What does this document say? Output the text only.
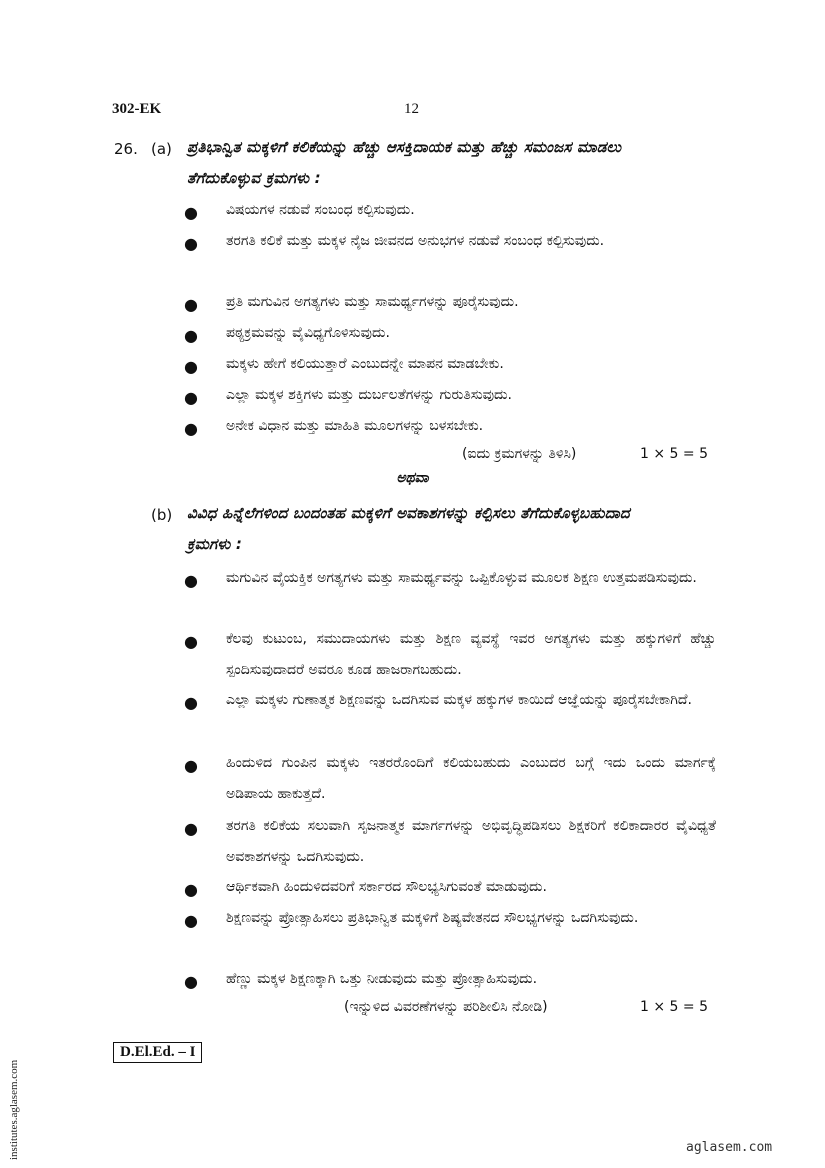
302-EK	12
26. (a) ಪ್ರತಿಭಾನ್ವಿತ ಮಕ್ಕಳಿಗೆ ಕಲಿಕೆಯನ್ನು ಹೆಚ್ಚು ಆಸಕ್ತಿದಾಯಕ ಮತ್ತು ಹೆಚ್ಚು ಸಮಂಜಸ ಮಾಡಲು
ತೆಗೆದುಕೊಳ್ಳುವ ಕ್ರಮಗಳು :
● ವಿಷಯಗಳ ನಡುವೆ ಸಂಬಂಧ ಕಲ್ಪಿಸುವುದು.
● ತರಗತಿ ಕಲಿಕೆ ಮತ್ತು ಮಕ್ಕಳ ನೈಜ ಜೀವನದ ಅನುಭಗಳ ನಡುವೆ ಸಂಬಂಧ ಕಲ್ಪಿಸುವುದು.
● ಪ್ರತಿ ಮಗುವಿನ ಅಗತ್ಯಗಳು ಮತ್ತು ಸಾಮರ್ಥ್ಯಗಳನ್ನು ಪೂರೈಸುವುದು.
● ಪಠ್ಯಕ್ರಮವನ್ನು ವೈವಿಧ್ಯಗೊಳಿಸುವುದು.
● ಮಕ್ಕಳು ಹೇಗೆ ಕಲಿಯುತ್ತಾರೆ ಎಂಬುದನ್ನೇ ಮಾಪನ ಮಾಡಬೇಕು.
● ಎಲ್ಲಾ ಮಕ್ಕಳ ಶಕ್ತಿಗಳು ಮತ್ತು ದುರ್ಬಲತೆಗಳನ್ನು ಗುರುತಿಸುವುದು.
● ಅನೇಕ ವಿಧಾನ ಮತ್ತು ಮಾಹಿತಿ ಮೂಲಗಳನ್ನು ಬಳಸಬೇಕು.
(ಐದು ಕ್ರಮಗಳನ್ನು ತಿಳಿಸಿ)	1 × 5 = 5
ಅಥವಾ
(b) ವಿವಿಧ ಹಿನ್ನೆಲೆಗಳಿಂದ ಬಂದಂತಹ ಮಕ್ಕಳಿಗೆ ಅವಕಾಶಗಳನ್ನು ಕಲ್ಪಿಸಲು ತೆಗೆದುಕೊಳ್ಳಬಹುದಾದ
ಕ್ರಮಗಳು :
● ಮಗುವಿನ ವೈಯಕ್ತಿಕ ಅಗತ್ಯಗಳು ಮತ್ತು ಸಾಮರ್ಥ್ಯವನ್ನು ಒಪ್ಪಿಕೊಳ್ಳುವ ಮೂಲಕ ಶಿಕ್ಷಣ ಉತ್ತಮಪಡಿಸುವುದು.
● ಕೆಲವು ಕುಟುಂಬ, ಸಮುದಾಯಗಳು ಮತ್ತು ಶಿಕ್ಷಣ ವ್ಯವಸ್ಥೆ ಇವರ ಅಗತ್ಯಗಳು ಮತ್ತು ಹಕ್ಕುಗಳಿಗೆ ಹೆಚ್ಚು ಸ್ಪಂದಿಸುವುದಾದರೆ ಅವರೂ ಕೂಡ ಹಾಜರಾಗಬಹುದು.
● ಎಲ್ಲಾ ಮಕ್ಕಳು ಗುಣಾತ್ಮಕ ಶಿಕ್ಷಣವನ್ನು ಒದಗಿಸುವ ಮಕ್ಕಳ ಹಕ್ಕುಗಳ ಕಾಯಿದೆ ಆಜ್ಞೆಯನ್ನು ಪೂರೈಸಬೇಕಾಗಿದೆ.
● ಹಿಂದುಳಿದ ಗುಂಪಿನ ಮಕ್ಕಳು ಇತರರೊಂದಿಗೆ ಕಲಿಯಬಹುದು ಎಂಬುದರ ಬಗ್ಗೆ ಇದು ಒಂದು ಮಾರ್ಗಕ್ಕೆ ಅಡಿಪಾಯ ಹಾಕುತ್ತದೆ.
● ತರಗತಿ ಕಲಿಕೆಯ ಸಲುವಾಗಿ ಸೃಜನಾತ್ಮಕ ಮಾರ್ಗಗಳನ್ನು ಅಭಿವೃದ್ಧಿಪಡಿಸಲು ಶಿಕ್ಷಕರಿಗೆ ಕಲಿಕಾದಾರರ ವೈವಿಧ್ಯತೆ ಅವಕಾಶಗಳನ್ನು ಒದಗಿಸುವುದು.
● ಆರ್ಥಿಕವಾಗಿ ಹಿಂದುಳಿದವರಿಗೆ ಸರ್ಕಾರದ ಸೌಲಭ್ಯಸಿಗುವಂತೆ ಮಾಡುವುದು.
● ಶಿಕ್ಷಣವನ್ನು ಪ್ರೋತ್ಸಾಹಿಸಲು ಪ್ರತಿಭಾನ್ವಿತ ಮಕ್ಕಳಿಗೆ ಶಿಷ್ಯವೇತನದ ಸೌಲಭ್ಯಗಳನ್ನು ಒದಗಿಸುವುದು.
● ಹೆಣ್ಣು ಮಕ್ಕಳ ಶಿಕ್ಷಣಕ್ಕಾಗಿ ಒತ್ತು ನೀಡುವುದು ಮತ್ತು ಪ್ರೋತ್ಸಾಹಿಸುವುದು.
(ಇನ್ನುಳಿದ ವಿವರಣೆಗಳನ್ನು ಪರಿಶೀಲಿಸಿ ನೋಡಿ)	1 × 5 = 5
D.El.Ed. – I
institutes.aglasem.com	aglasem.com
